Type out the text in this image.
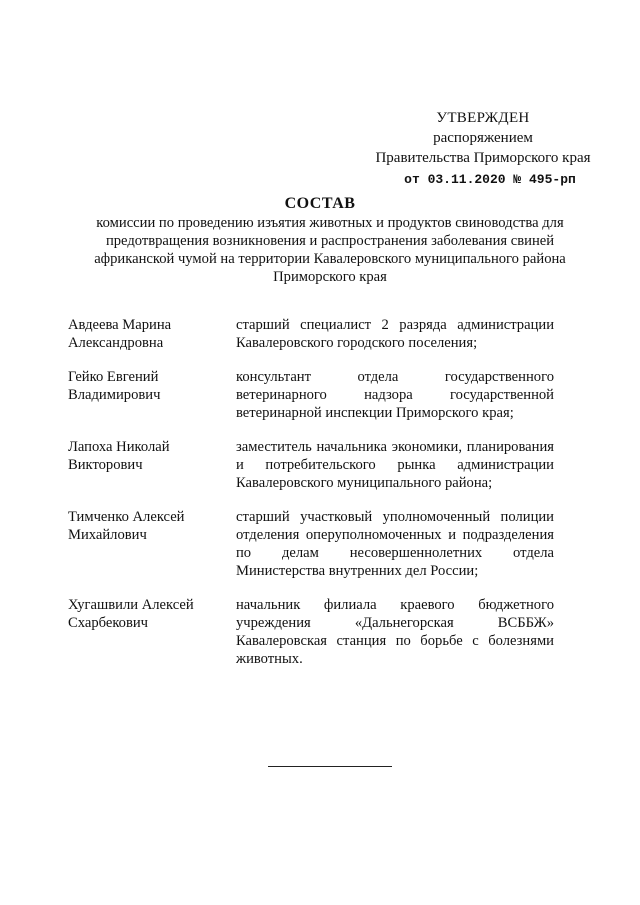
УТВЕРЖДЕН
распоряжением
Правительства Приморского края
от 03.11.2020 № 495-рп
СОСТАВ
комиссии по проведению изъятия животных и продуктов свиноводства для
предотвращения возникновения и распространения заболевания свиней
африканской чумой на территории Кавалеровского муниципального района
Приморского края
Авдеева Марина Александровна
старший специалист 2 разряда администрации Кавалеровского городского поселения;
Гейко Евгений Владимирович
консультант отдела государственного ветеринарного надзора государственной ветеринарной инспекции Приморского края;
Лапоха Николай Викторович
заместитель начальника экономики, планирования и потребительского рынка администрации Кавалеровского муниципального района;
Тимченко Алексей Михайлович
старший участковый уполномоченный полиции отделения оперуполномоченных и подразделения по делам несовершеннолетних отдела Министерства внутренних дел России;
Хугашвили Алексей Схарбекович
начальник филиала краевого бюджетного учреждения «Дальнегорская ВСББЖ» Кавалеровская станция по борьбе с болезнями животных.
